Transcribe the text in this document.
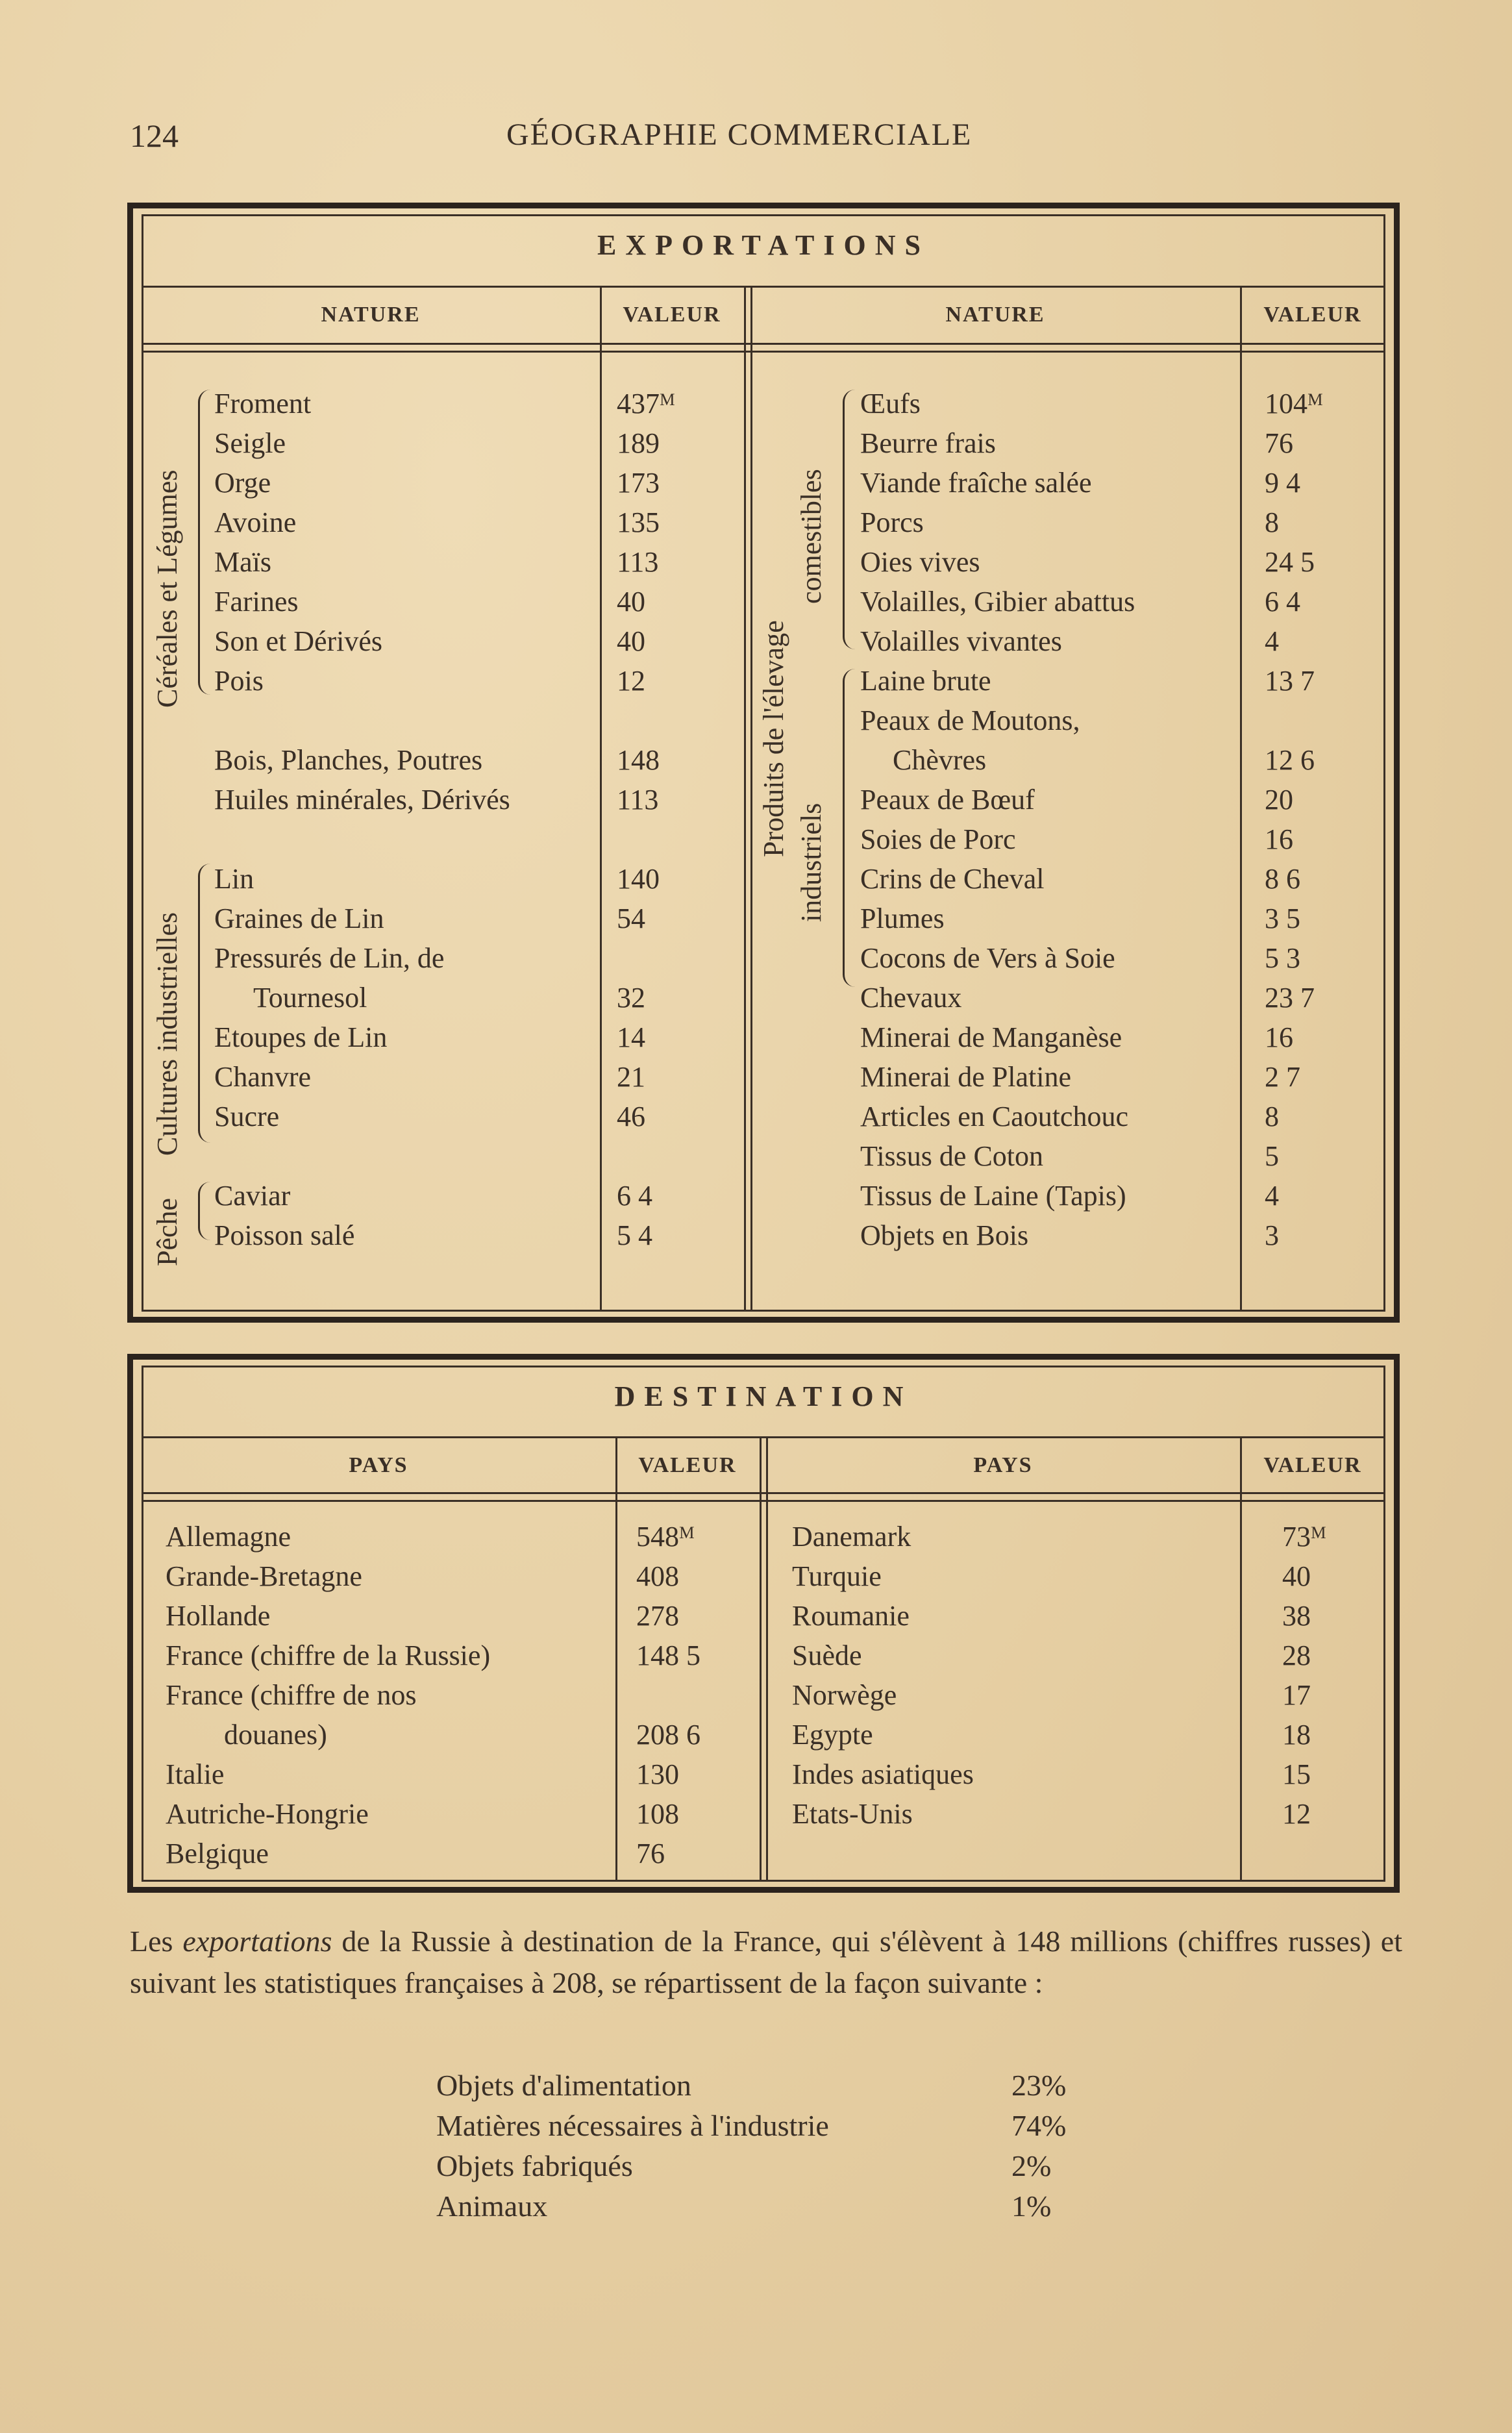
124	GÉOGRAPHIE COMMERCIALE
EXPORTATIONS
NATURE	VALEUR	NATURE	VALEUR
Céréales et Légumes
Cultures industrielles
Pêche
Produits de l'élevage
comestibles
industriels
Froment	437ᴹ
Seigle	189
Orge	173
Avoine	135
Maïs	113
Farines	40
Son et Dérivés	40
Pois	12
Bois, Planches, Poutres	148
Huiles minérales, Dérivés	113
Lin	140
Graines de Lin	54
Pressurés de Lin, de
Tournesol	32
Etoupes de Lin	14
Chanvre	21
Sucre	46
Caviar	6 4
Poisson salé	5 4
Œufs	104ᴹ
Beurre frais	76
Viande fraîche salée	9 4
Porcs	8
Oies vives	24 5
Volailles, Gibier abattus	6 4
Volailles vivantes	4
Laine brute	13 7
Peaux de Moutons,
Chèvres	12 6
Peaux de Bœuf	20
Soies de Porc	16
Crins de Cheval	8 6
Plumes	3 5
Cocons de Vers à Soie	5 3
Chevaux	23 7
Minerai de Manganèse	16
Minerai de Platine	2 7
Articles en Caoutchouc	8
Tissus de Coton	5
Tissus de Laine (Tapis)	4
Objets en Bois	3
DESTINATION
PAYS	VALEUR	PAYS	VALEUR
Allemagne	548ᴹ
Grande-Bretagne	408
Hollande	278
France (chiffre de la Russie)	148 5
France (chiffre de nos
douanes)	208 6
Italie	130
Autriche-Hongrie	108
Belgique	76
Danemark	73ᴹ
Turquie	40
Roumanie	38
Suède	28
Norwège	17
Egypte	18
Indes asiatiques	15
Etats-Unis	12
Les exportations de la Russie à destination de la France, qui s'élèvent à 148 millions (chiffres russes) et suivant les statistiques françaises à 208, se répartissent de la façon suivante :
Objets d'alimentation	23%
Matières nécessaires à l'industrie	74%
Objets fabriqués	2%
Animaux	1%
